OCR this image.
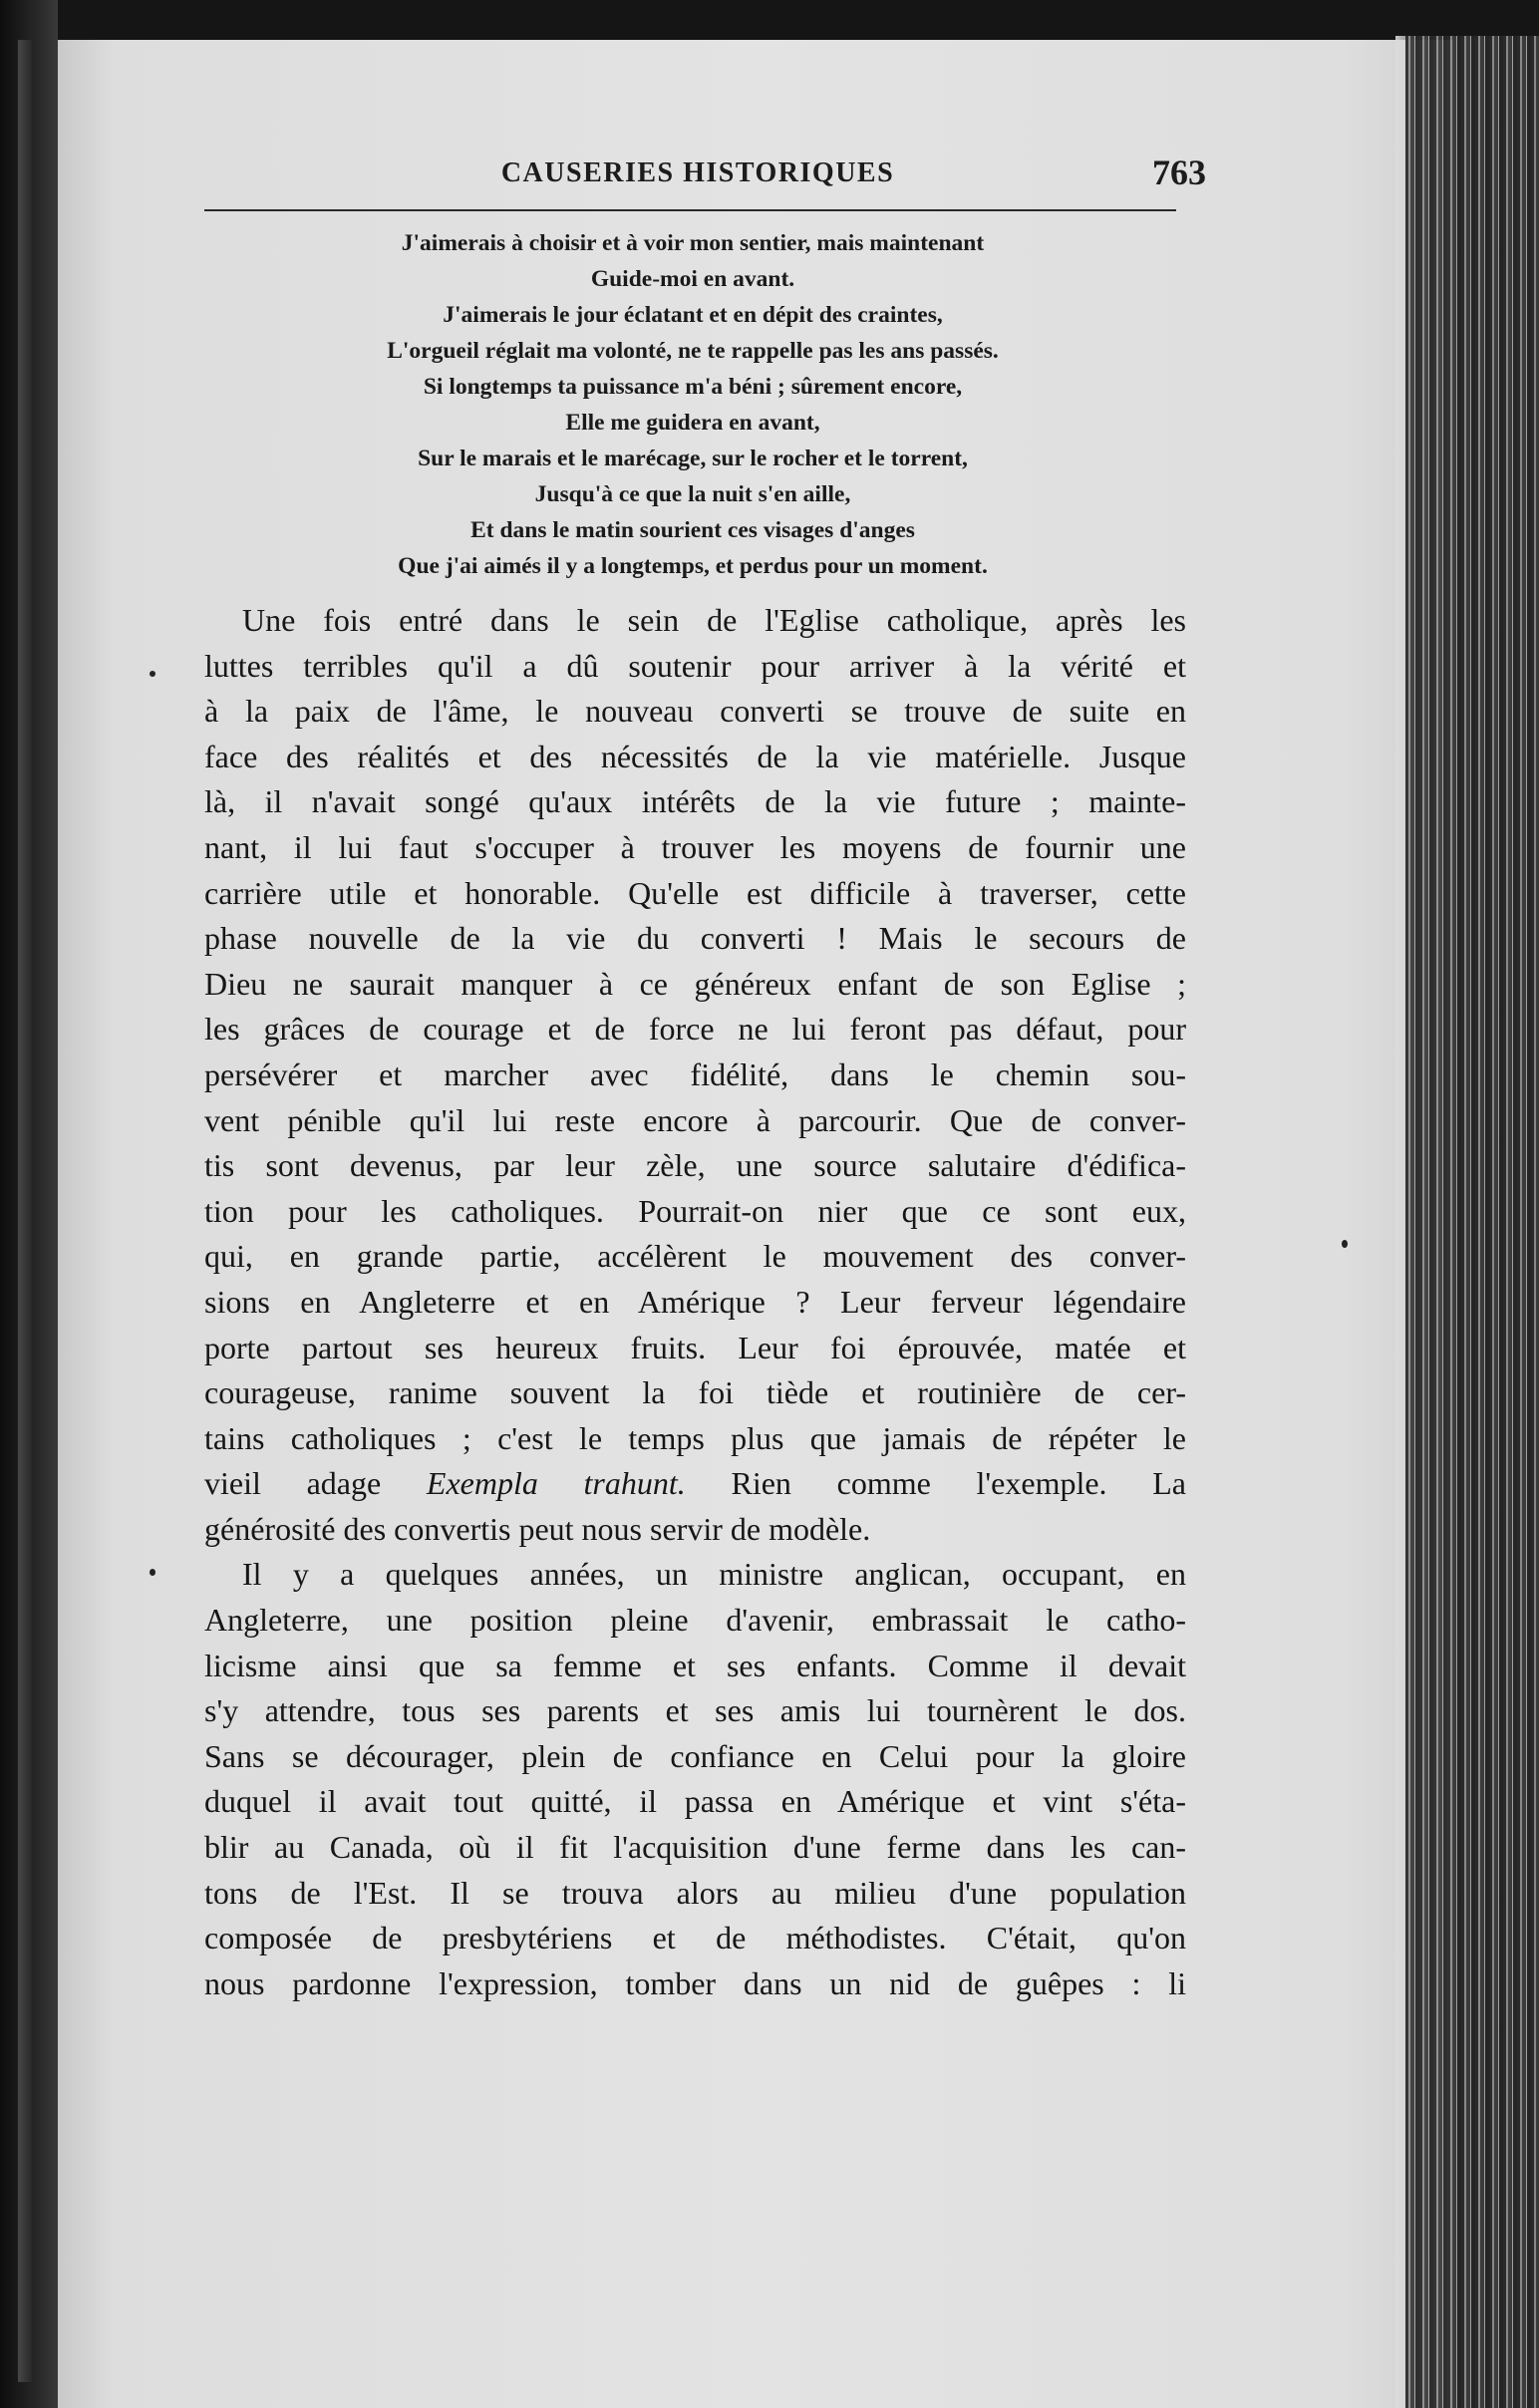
CAUSERIES HISTORIQUES	763
J'aimerais à choisir et à voir mon sentier, mais maintenant
Guide-moi en avant.
J'aimerais le jour éclatant et en dépit des craintes,
L'orgueil réglait ma volonté, ne te rappelle pas les ans passés.
Si longtemps ta puissance m'a béni ; sûrement encore,
Elle me guidera en avant,
Sur le marais et le marécage, sur le rocher et le torrent,
Jusqu'à ce que la nuit s'en aille,
Et dans le matin sourient ces visages d'anges
Que j'ai aimés il y a longtemps, et perdus pour un moment.
Une fois entré dans le sein de l'Eglise catholique, après les
luttes terribles qu'il a dû soutenir pour arriver à la vérité et
à la paix de l'âme, le nouveau converti se trouve de suite en
face des réalités et des nécessités de la vie matérielle. Jusque
là, il n'avait songé qu'aux intérêts de la vie future ; mainte-
nant, il lui faut s'occuper à trouver les moyens de fournir une
carrière utile et honorable. Qu'elle est difficile à traverser, cette
phase nouvelle de la vie du converti ! Mais le secours de
Dieu ne saurait manquer à ce généreux enfant de son Eglise ;
les grâces de courage et de force ne lui feront pas défaut, pour
persévérer et marcher avec fidélité, dans le chemin sou-
vent pénible qu'il lui reste encore à parcourir. Que de conver-
tis sont devenus, par leur zèle, une source salutaire d'édifica-
tion pour les catholiques. Pourrait-on nier que ce sont eux,
qui, en grande partie, accélèrent le mouvement des conver-
sions en Angleterre et en Amérique ? Leur ferveur légendaire
porte partout ses heureux fruits. Leur foi éprouvée, matée et
courageuse, ranime souvent la foi tiède et routinière de cer-
tains catholiques ; c'est le temps plus que jamais de répéter le
vieil adage Exempla trahunt. Rien comme l'exemple. La
générosité des convertis peut nous servir de modèle.
Il y a quelques années, un ministre anglican, occupant, en
Angleterre, une position pleine d'avenir, embrassait le catho-
licisme ainsi que sa femme et ses enfants. Comme il devait
s'y attendre, tous ses parents et ses amis lui tournèrent le dos.
Sans se décourager, plein de confiance en Celui pour la gloire
duquel il avait tout quitté, il passa en Amérique et vint s'éta-
blir au Canada, où il fit l'acquisition d'une ferme dans les can-
tons de l'Est. Il se trouva alors au milieu d'une population
composée de presbytériens et de méthodistes. C'était, qu'on
nous pardonne l'expression, tomber dans un nid de guêpes : li
